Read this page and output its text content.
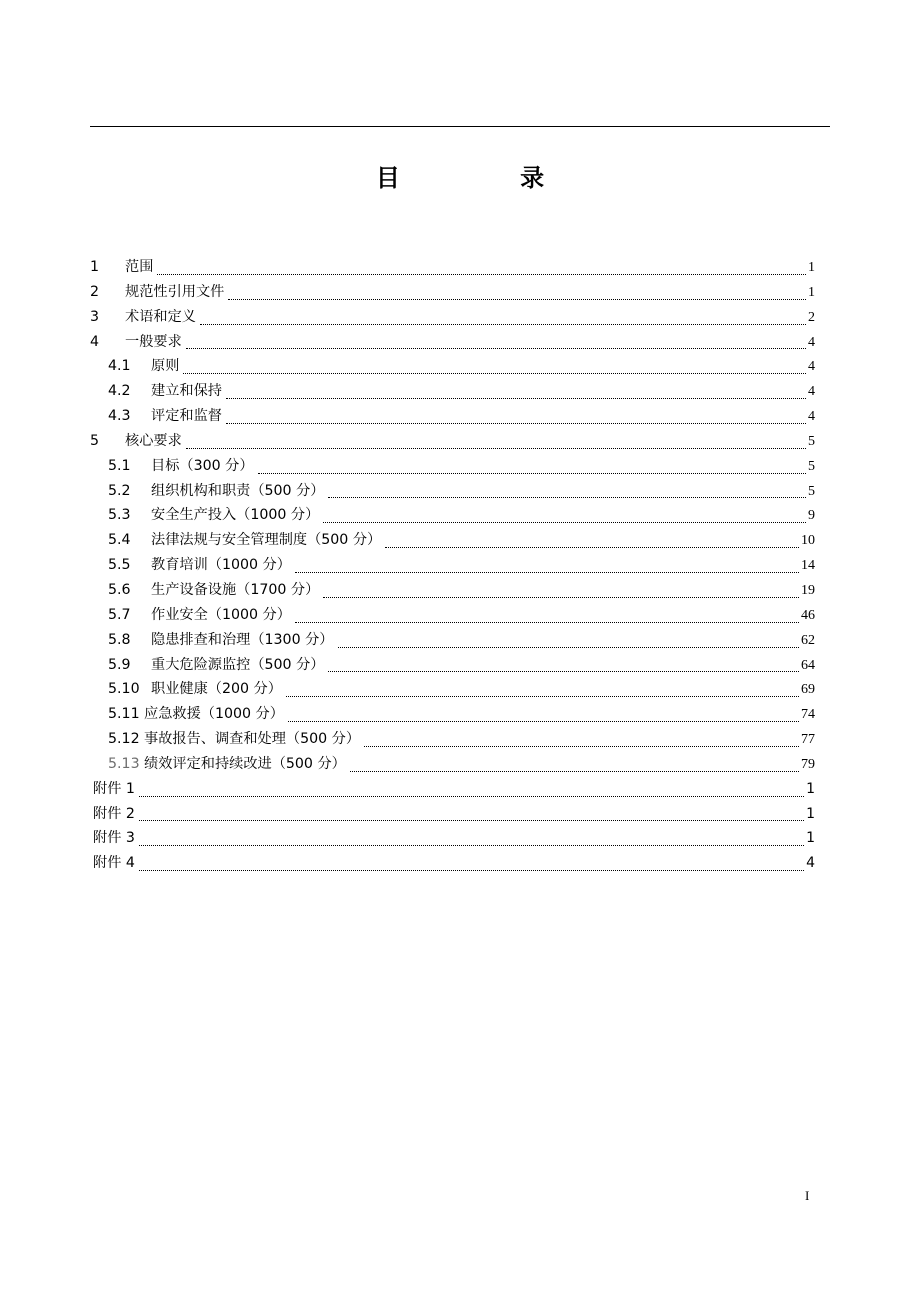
目 录
1	范围	1
2	规范性引用文件	1
3	术语和定义	2
4	一般要求	4
4.1	原则	4
4.2	建立和保持	4
4.3	评定和监督	4
5	核心要求	5
5.1	目标（300 分）	5
5.2	组织机构和职责（500 分）	5
5.3	安全生产投入（1000 分）	9
5.4	法律法规与安全管理制度（500 分）	10
5.5	教育培训（1000 分）	14
5.6	生产设备设施（1700 分）	19
5.7	作业安全（1000 分）	46
5.8	隐患排查和治理（1300 分）	62
5.9	重大危险源监控（500 分）	64
5.10 职业健康（200 分）	69
5.11 应急救援（1000 分）	74
5.12 事故报告、调查和处理（500 分）	77
5.13 绩效评定和持续改进（500 分）	79
附件 1	1
附件 2	1
附件 3	1
附件 4	4
I
